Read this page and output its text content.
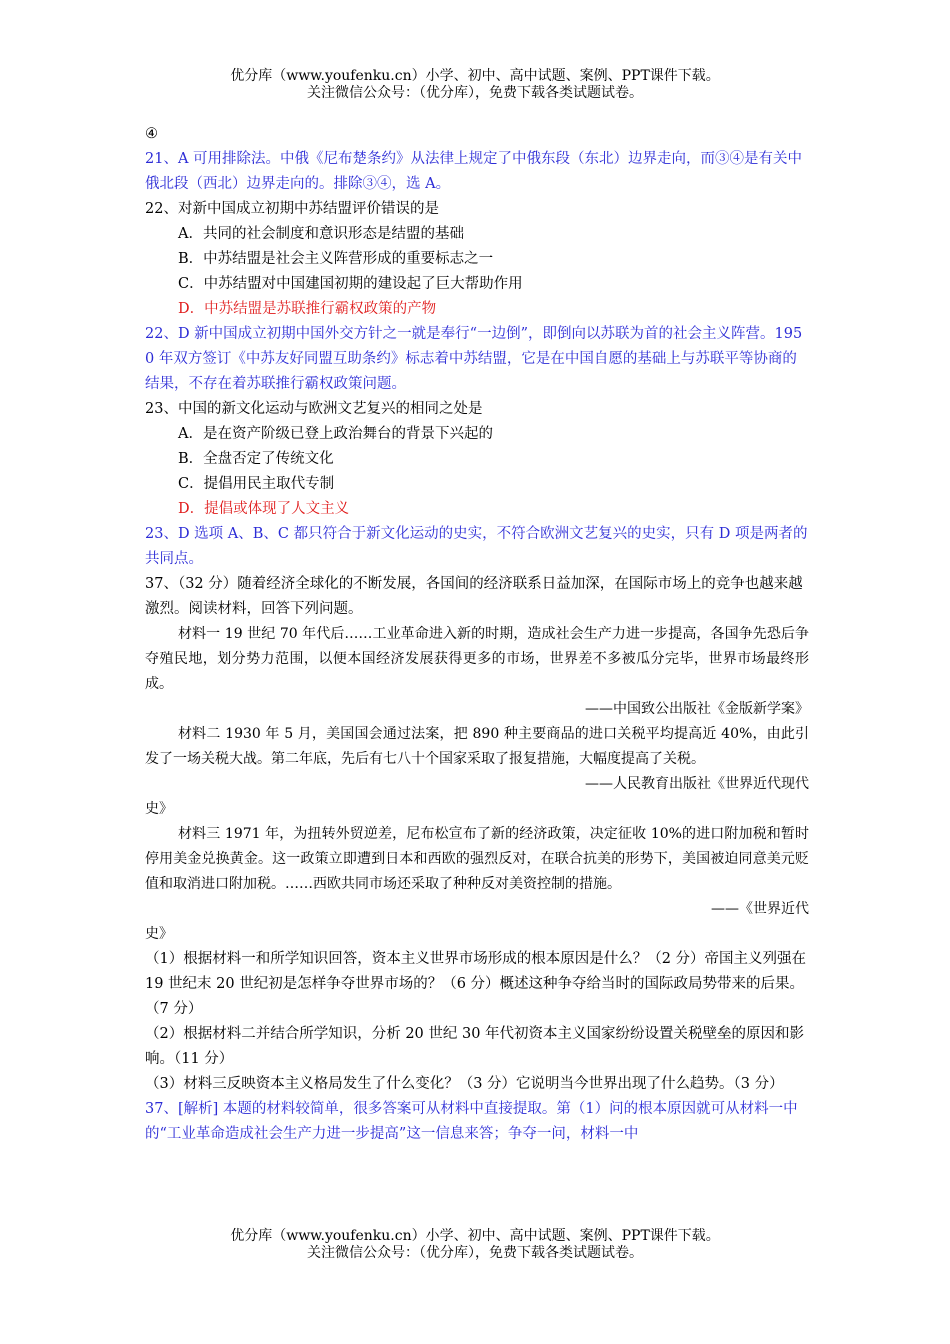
优分库（www.youfenku.cn）小学、初中、高中试题、案例、PPT课件下载。
关注微信公众号：（优分库），免费下载各类试题试卷。

④

21、A 可用排除法。中俄《尼布楚条约》从法律上规定了中俄东段（东北）边界走向，而③④是有关中俄北段（西北）边界走向的。排除③④，选 A。

22、对新中国成立初期中苏结盟评价错误的是

A．共同的社会制度和意识形态是结盟的基础

B．中苏结盟是社会主义阵营形成的重要标志之一

C．中苏结盟对中国建国初期的建设起了巨大帮助作用

D．中苏结盟是苏联推行霸权政策的产物

22、D 新中国成立初期中国外交方针之一就是奉行“一边倒”，即倒向以苏联为首的社会主义阵营。1950 年双方签订《中苏友好同盟互助条约》标志着中苏结盟，它是在中国自愿的基础上与苏联平等协商的结果，不存在着苏联推行霸权政策问题。

23、中国的新文化运动与欧洲文艺复兴的相同之处是

A．是在资产阶级已登上政治舞台的背景下兴起的

B．全盘否定了传统文化

C．提倡用民主取代专制

D．提倡或体现了人文主义

23、D 选项 A、B、C 都只符合于新文化运动的史实，不符合欧洲文艺复兴的史实，只有 D 项是两者的共同点。

37、（32 分）随着经济全球化的不断发展，各国间的经济联系日益加深，在国际市场上的竞争也越来越激烈。阅读材料，回答下列问题。

材料一 19 世纪 70 年代后……工业革命进入新的时期，造成社会生产力进一步提高，各国争先恐后争夺殖民地，划分势力范围，以便本国经济发展获得更多的市场，世界差不多被瓜分完毕，世界市场最终形成。

——中国致公出版社《金版新学案》

材料二 1930 年 5 月，美国国会通过法案，把 890 种主要商品的进口关税平均提高近 40%，由此引发了一场关税大战。第二年底，先后有七八十个国家采取了报复措施，大幅度提高了关税。

——人民教育出版社《世界近代现代

史》

材料三 1971 年，为扭转外贸逆差，尼布松宣布了新的经济政策，决定征收 10%的进口附加税和暂时停用美金兑换黄金。这一政策立即遭到日本和西欧的强烈反对，在联合抗美的形势下，美国被迫同意美元贬值和取消进口附加税。……西欧共同市场还采取了种种反对美资控制的措施。

——《世界近代

史》

（1）根据材料一和所学知识回答，资本主义世界市场形成的根本原因是什么？（2 分）帝国主义列强在 19 世纪末 20 世纪初是怎样争夺世界市场的？（6 分）概述这种争夺给当时的国际政局势带来的后果。（7 分）

（2）根据材料二并结合所学知识，分析 20 世纪 30 年代初资本主义国家纷纷设置关税壁垒的原因和影响。（11 分）

（3）材料三反映资本主义格局发生了什么变化？（3 分）它说明当今世界出现了什么趋势。（3 分）

37、[解析] 本题的材料较简单，很多答案可从材料中直接提取。第（1）问的根本原因就可从材料一中的“工业革命造成社会生产力进一步提高”这一信息来答；争夺一问，材料一中

优分库（www.youfenku.cn）小学、初中、高中试题、案例、PPT课件下载。
关注微信公众号：（优分库），免费下载各类试题试卷。
